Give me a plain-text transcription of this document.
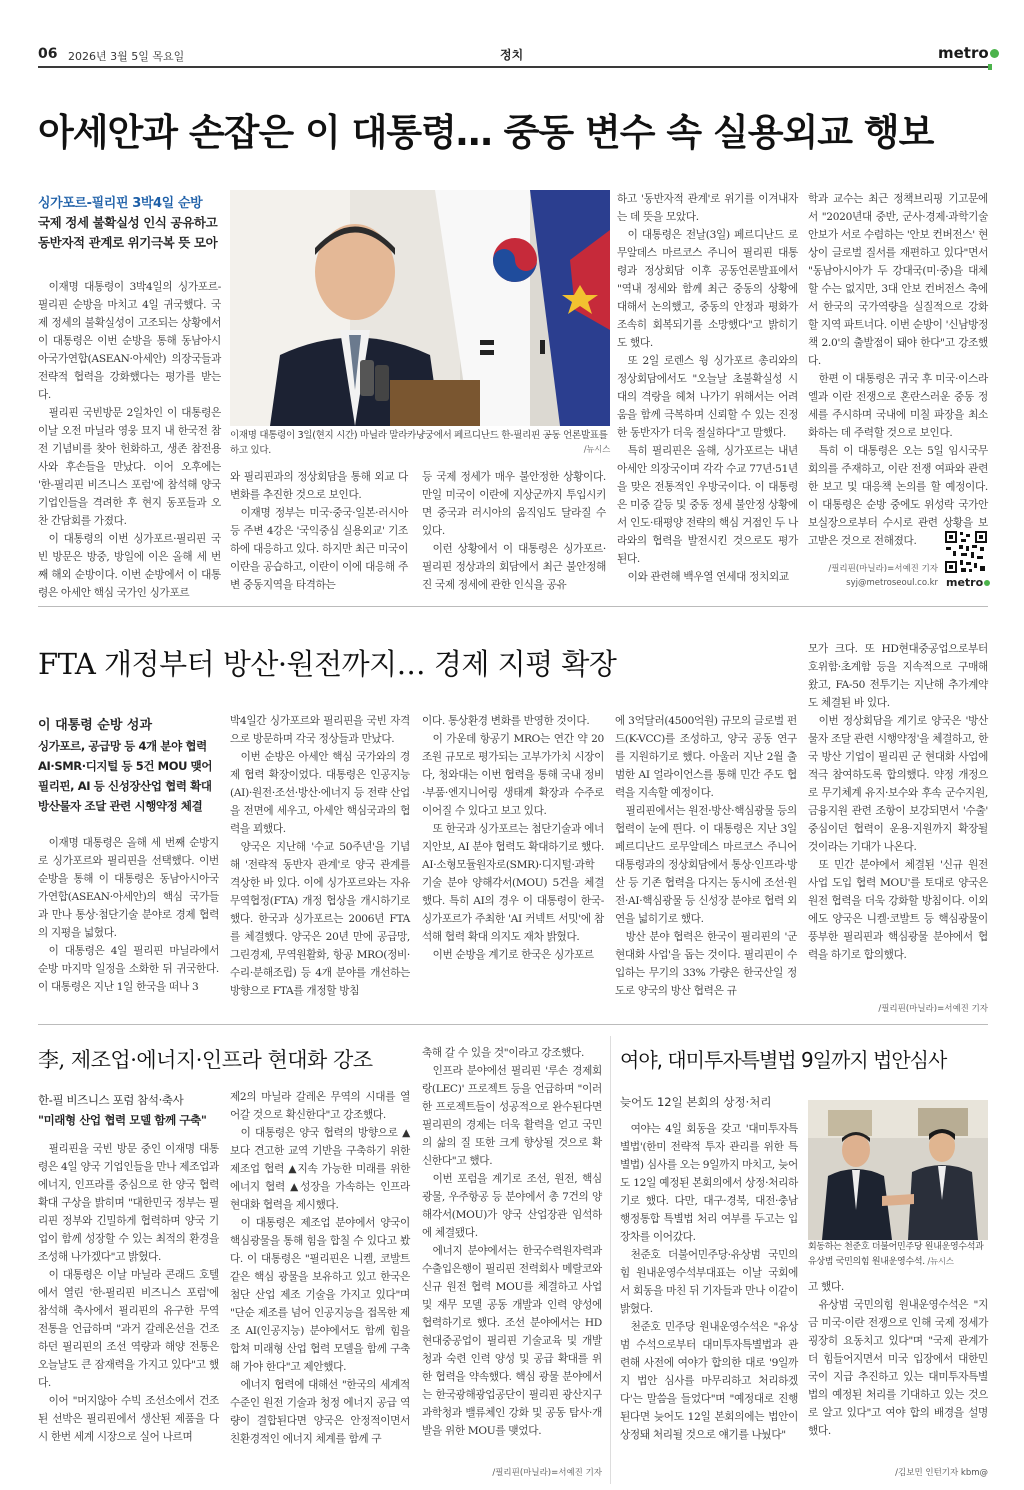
06 2026년 3월 5일 목요일	정치	metro
아세안과 손잡은 이 대통령… 중동 변수 속 실용외교 행보
싱가포르-필리핀 3박4일 순방
국제 정세 불확실성 인식 공유하고
동반자적 관계로 위기극복 뜻 모아

이재명 대통령이 3박4일의 싱가포르-필리핀 순방을 마치고 4일 귀국했다. 국제 정세의 불확실성이 고조되는 상황에서 이 대통령은 이번 순방을 통해 동남아시아국가연합(ASEAN·아세안) 의장국들과 전략적 협력을 강화했다는 평가를 받는다.

필리핀 국빈방문 2일차인 이 대통령은 이날 오전 마닐라 영웅 묘지 내 한국전 참전 기념비를 찾아 헌화하고, 생존 참전용사와 후손들을 만났다. 이어 오후에는 '한-필리핀 비즈니스 포럼'에 참석해 양국 기업인들을 격려한 후 현지 동포들과 오찬 간담회를 가졌다.

이 대통령의 이번 싱가포르·필리핀 국빈 방문은 방중, 방일에 이은 올해 세 번째 해외 순방이다. 이번 순방에서 이 대통령은 아세안 핵심 국가인 싱가포르

이재명 대통령이 3일(현지 시간) 마닐라 말라카냥궁에서 페르디난드 한-필리핀 공동 언론발표를 하고 있다.	/뉴시스

와 필리핀과의 정상회담을 통해 외교 다변화를 추진한 것으로 보인다.

이재명 정부는 미국·중국·일본·러시아 등 주변 4강은 '국익중심 실용외교' 기조 하에 대응하고 있다. 하지만 최근 미국이 이란을 공습하고, 이란이 이에 대응해 주변 중동지역을 타격하는

등 국제 정세가 매우 불안정한 상황이다. 만일 미국이 이란에 지상군까지 투입시키면 중국과 러시아의 움직임도 달라질 수 있다.

이런 상황에서 이 대통령은 싱가포르·필리핀 정상과의 회담에서 최근 불안정해진 국제 정세에 관한 인식을 공유

하고 '동반자적 관계'로 위기를 이겨내자는 데 뜻을 모았다.

이 대통령은 전날(3일) 페르디난드 로무알데스 마르코스 주니어 필리핀 대통령과 정상회담 이후 공동언론발표에서 "역내 정세와 함께 최근 중동의 상황에 대해서 논의했고, 중동의 안정과 평화가 조속히 회복되기를 소망했다"고 밝히기도 했다.

또 2일 로렌스 웡 싱가포르 총리와의 정상회담에서도 "오늘날 초불확실성 시대의 격랑을 헤쳐 나가기 위해서는 어려움을 함께 극복하며 신뢰할 수 있는 진정한 동반자가 더욱 절실하다"고 말했다.

특히 필리핀은 올해, 싱가포르는 내년 아세안 의장국이며 각각 수교 77년·51년을 맞은 전통적인 우방국이다. 이 대통령은 미중 갈등 및 중동 정세 불안정 상황에서 인도·태평양 전략의 핵심 거점인 두 나라와의 협력을 발전시킨 것으로도 평가된다.

이와 관련해 백우열 연세대 정치외교

학과 교수는 최근 정책브리핑 기고문에서 "2020년대 중반, 군사·경제·과학기술 안보가 서로 수렴하는 '안보 컨버전스' 현상이 글로벌 질서를 재편하고 있다"면서 "동남아시아가 두 강대국(미·중)을 대체할 수는 없지만, 3대 안보 컨버전스 축에서 한국의 국가역량을 실질적으로 강화할 지역 파트너다. 이번 순방이 '신남방정책 2.0'의 출발점이 돼야 한다"고 강조했다.

한편 이 대통령은 귀국 후 미국·이스라엘과 이란 전쟁으로 혼란스러운 중동 정세를 주시하며 국내에 미칠 파장을 최소화하는 데 주력할 것으로 보인다.

특히 이 대통령은 오는 5일 임시국무회의를 주재하고, 이란 전쟁 여파와 관련한 보고 및 대응책 논의를 할 예정이다. 이 대통령은 순방 중에도 위성락 국가안보실장으로부터 수시로 관련 상황을 보고받은 것으로 전해졌다.

metro
/필리핀(마닐라)=서예진 기자
syj@metroseoul.co.kr
FTA 개정부터 방산·원전까지… 경제 지평 확장
이 대통령 순방 성과
싱가포르, 공급망 등 4개 분야 협력
AI·SMR·디지털 등 5건 MOU 맺어
필리핀, AI 등 신성장산업 협력 확대
방산물자 조달 관련 시행약정 체결

이재명 대통령은 올해 세 번째 순방지로 싱가포르와 필리핀을 선택했다. 이번 순방을 통해 이 대통령은 동남아시아국가연합(ASEAN·아세안)의 핵심 국가들과 만나 통상·첨단기술 분야로 경제 협력의 지평을 넓혔다.

이 대통령은 4일 필리핀 마닐라에서 순방 마지막 일정을 소화한 뒤 귀국한다. 이 대통령은 지난 1일 한국을 떠나 3

박4일간 싱가포르와 필리핀을 국빈 자격으로 방문하며 각국 정상들과 만났다.

이번 순방은 아세안 핵심 국가와의 경제 협력 확장이었다. 대통령은 인공지능(AI)·원전·조선·방산·에너지 등 전략 산업을 전면에 세우고, 아세안 핵심국과의 협력을 꾀했다.

양국은 지난해 '수교 50주년'을 기념해 '전략적 동반자 관계'로 양국 관계를 격상한 바 있다. 이에 싱가포르와는 자유무역협정(FTA) 개정 협상을 개시하기로 했다. 한국과 싱가포르는 2006년 FTA를 체결했다. 양국은 20년 만에 공급망, 그린경제, 무역원활화, 항공 MRO(정비·수리·분해조립) 등 4개 분야를 개선하는 방향으로 FTA를 개정할 방침

이다. 통상환경 변화를 반영한 것이다.

이 가운데 항공기 MRO는 연간 약 20조원 규모로 평가되는 고부가가치 시장이다, 청와대는 이번 협력을 통해 국내 정비·부품·엔지니어링 생태계 확장과 수주로 이어질 수 있다고 보고 있다.

또 한국과 싱가포르는 첨단기술과 에너지안보, AI 분야 협력도 확대하기로 했다. AI·소형모듈원자로(SMR)·디지털·과학기술 분야 양해각서(MOU) 5건을 체결했다. 특히 AI의 경우 이 대통령이 한국-싱가포르가 주최한 'AI 커넥트 서밋'에 참석해 협력 확대 의지도 재차 밝혔다.

이번 순방을 계기로 한국은 싱가포르

에 3억달러(4500억원) 규모의 글로벌 펀드(K-VCC)를 조성하고, 양국 공동 연구를 지원하기로 했다. 아울러 지난 2월 출범한 AI 얼라이언스를 통해 민간 주도 협력을 지속할 예정이다.

필리핀에서는 원전·방산·핵심광물 등의 협력이 눈에 띈다. 이 대통령은 지난 3일 페르디난드 로무알데스 마르코스 주니어 대통령과의 정상회담에서 통상·인프라·방산 등 기존 협력을 다지는 동시에 조선·원전·AI·핵심광물 등 신성장 분야로 협력 외연을 넓히기로 했다.

방산 분야 협력은 한국이 필리핀의 '군 현대화 사업'을 돕는 것이다. 필리핀이 수입하는 무기의 33% 가량은 한국산일 정도로 양국의 방산 협력은 규

모가 크다. 또 HD현대중공업으로부터 호위함·초계함 등을 지속적으로 구매해왔고, FA-50 전투기는 지난해 추가계약도 체결된 바 있다.

이번 정상회담을 계기로 양국은 '방산물자 조달 관련 시행약정'을 체결하고, 한국 방산 기업이 필리핀 군 현대화 사업에 적극 참여하도록 합의했다. 약정 개정으로 무기체계 유지·보수와 후속 군수지원, 금융지원 관련 조항이 보강되면서 '수출' 중심이던 협력이 운용·지원까지 확장될 것이라는 기대가 나온다.

또 민간 분야에서 체결된 '신규 원전 사업 도입 협력 MOU'를 토대로 양국은 원전 협력을 더욱 강화할 방침이다. 이외에도 양국은 니켈·코발트 등 핵심광물이 풍부한 필리핀과 핵심광물 분야에서 협력을 하기로 합의했다.

/필리핀(마닐라)=서예진 기자
李, 제조업·에너지·인프라 현대화 강조
한-필 비즈니스 포럼 참석·축사
"미래형 산업 협력 모델 함께 구축"

필리핀을 국빈 방문 중인 이재명 대통령은 4일 양국 기업인들을 만나 제조업과 에너지, 인프라를 중심으로 한 양국 협력 확대 구상을 밝히며 "대한민국 정부는 필리핀 정부와 긴밀하게 협력하며 양국 기업이 함께 성장할 수 있는 최적의 환경을 조성해 나가겠다"고 밝혔다.

이 대통령은 이날 마닐라 콘래드 호텔에서 열린 '한-필리핀 비즈니스 포럼'에 참석해 축사에서 필리핀의 유구한 무역 전통을 언급하며 "과거 갈레온선을 건조하던 필리핀의 조선 역량과 해양 전통은 오늘날도 큰 잠재력을 가지고 있다"고 했다.

이어 "머지않아 수빅 조선소에서 건조된 선박은 필리핀에서 생산된 제품을 다시 한번 세계 시장으로 실어 나르며

제2의 마닐라 갈레온 무역의 시대를 열어갈 것으로 확신한다"고 강조했다.

이 대통령은 양국 협력의 방향으로 ▲보다 견고한 교역 기반을 구축하기 위한 제조업 협력 ▲지속 가능한 미래를 위한 에너지 협력 ▲성장을 가속하는 인프라 현대화 협력을 제시했다.

이 대통령은 제조업 분야에서 양국이 핵심광물을 통해 힘을 합칠 수 있다고 봤다. 이 대통령은 "필리핀은 니켈, 코발트 같은 핵심 광물을 보유하고 있고 한국은 첨단 산업 제조 기술을 가지고 있다"며 "단순 제조를 넘어 인공지능을 접목한 제조 AI(인공지능) 분야에서도 함께 힘을 합쳐 미래형 산업 협력 모델을 함께 구축해 가야 한다"고 제안했다.

에너지 협력에 대해선 "한국의 세계적 수준인 원전 기술과 청정 에너지 공급 역량이 결합된다면 양국은 안정적이면서 친환경적인 에너지 체계를 함께 구

축해 갈 수 있을 것"이라고 강조했다.

인프라 분야에선 필리핀 '루손 경제회랑(LEC)' 프로젝트 등을 언급하며 "이러한 프로젝트들이 성공적으로 완수된다면 필리핀의 경제는 더욱 활력을 얻고 국민의 삶의 질 또한 크게 향상될 것으로 확신한다"고 했다.

이번 포럼을 계기로 조선, 원전, 핵심광물, 우주항공 등 분야에서 총 7건의 양해각서(MOU)가 양국 산업장관 임석하에 체결됐다.

에너지 분야에서는 한국수력원자력과 수출입은행이 필리핀 전력회사 메랄코와 신규 원전 협력 MOU를 체결하고 사업 및 재무 모델 공동 개발과 인력 양성에 협력하기로 했다. 조선 분야에서는 HD현대중공업이 필리핀 기술교육 및 개발청과 숙련 인력 양성 및 공급 확대를 위한 협력을 약속했다. 핵심 광물 분야에서는 한국광해광업공단이 필리핀 광산지구과학청과 밸류체인 강화 및 공동 탐사·개발을 위한 MOU를 맺었다.

/필리핀(마닐라)=서예진 기자
여야, 대미투자특별법 9일까지 법안심사
늦어도 12일 본회의 상정·처리

여야는 4일 회동을 갖고 '대미투자특별법'(한미 전략적 투자 관리를 위한 특별법) 심사를 오는 9일까지 마치고, 늦어도 12일 예정된 본회의에서 상정·처리하기로 했다. 다만, 대구·경북, 대전·충남 행정통합 특별법 처리 여부를 두고는 입장차를 이어갔다.

천준호 더불어민주당·유상범 국민의힘 원내운영수석부대표는 이날 국회에서 회동을 마친 뒤 기자들과 만나 이같이 밝혔다.

천준호 민주당 원내운영수석은 "유상범 수석으로부터 대미투자특별법과 관련해 사전에 여야가 합의한 대로 '9일까지 법안 심사를 마무리하고 처리하겠다'는 말씀을 들었다"며 "예정대로 진행된다면 늦어도 12일 본회의에는 법안이 상정돼 처리될 것으로 얘기를 나눴다"

회동하는 천준호 더불어민주당 원내운영수석과 유상범 국민의힘 원내운영수석. /뉴시스

고 했다.

유상범 국민의힘 원내운영수석은 "지금 미국·이란 전쟁으로 인해 국제 정세가 굉장히 요동치고 있다"며 "국제 관계가 더 힘들어지면서 미국 입장에서 대한민국이 지급 추진하고 있는 대미투자특별법의 예정된 처리를 기대하고 있는 것으로 알고 있다"고 여야 합의 배경을 설명했다.

/김보민 인턴기자 kbm@
